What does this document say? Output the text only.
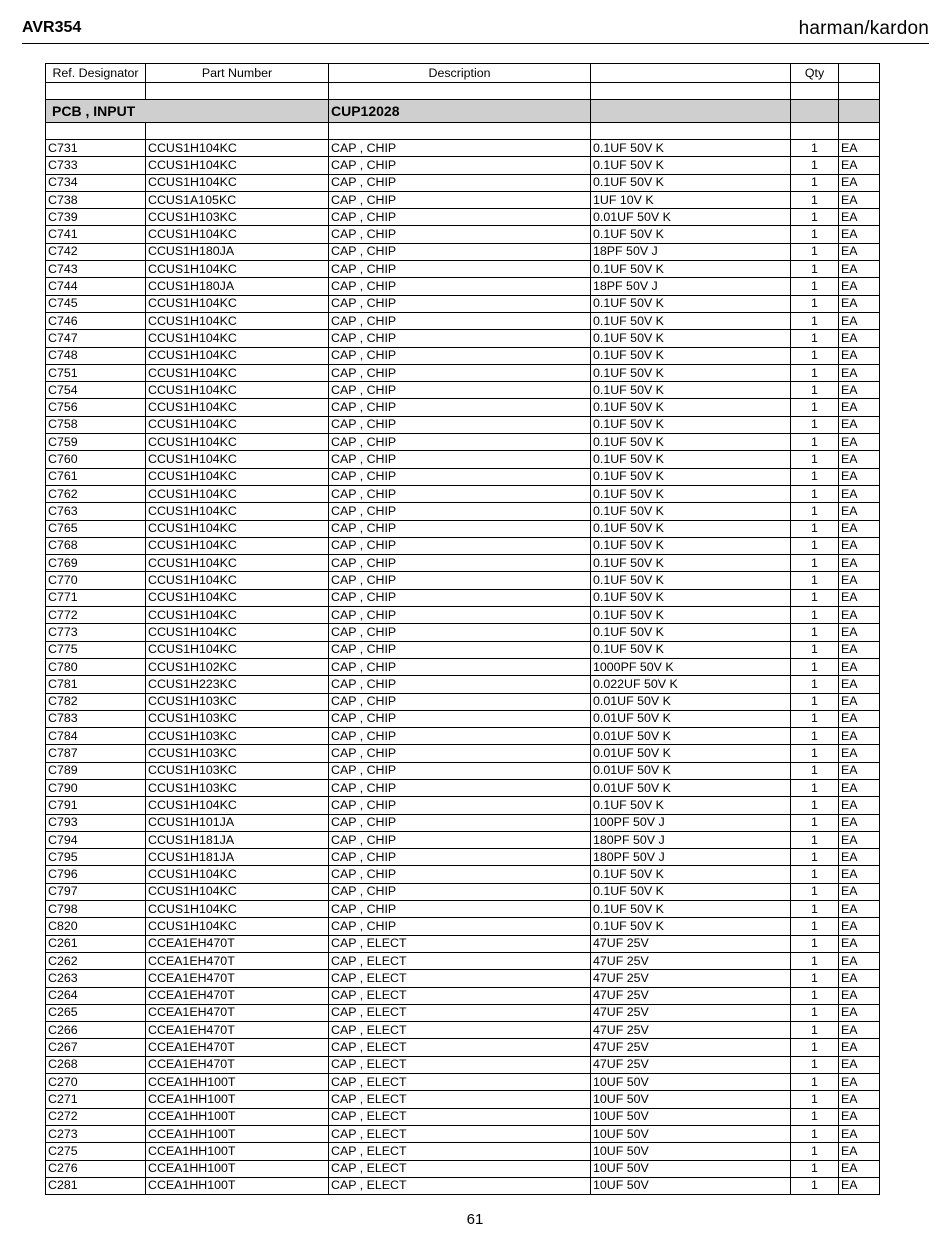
AVR354	harman/kardon
Ref. Designator	Part Number	Description		Qty	

PCB , INPUT		CUP12028			

C731	CCUS1H104KC	CAP , CHIP	0.1UF 50V K	1	EA
C733	CCUS1H104KC	CAP , CHIP	0.1UF 50V K	1	EA
C734	CCUS1H104KC	CAP , CHIP	0.1UF 50V K	1	EA
C738	CCUS1A105KC	CAP , CHIP	1UF 10V K	1	EA
C739	CCUS1H103KC	CAP , CHIP	0.01UF 50V K	1	EA
C741	CCUS1H104KC	CAP , CHIP	0.1UF 50V K	1	EA
C742	CCUS1H180JA	CAP , CHIP	18PF 50V J	1	EA
C743	CCUS1H104KC	CAP , CHIP	0.1UF 50V K	1	EA
C744	CCUS1H180JA	CAP , CHIP	18PF 50V J	1	EA
C745	CCUS1H104KC	CAP , CHIP	0.1UF 50V K	1	EA
C746	CCUS1H104KC	CAP , CHIP	0.1UF 50V K	1	EA
C747	CCUS1H104KC	CAP , CHIP	0.1UF 50V K	1	EA
C748	CCUS1H104KC	CAP , CHIP	0.1UF 50V K	1	EA
C751	CCUS1H104KC	CAP , CHIP	0.1UF 50V K	1	EA
C754	CCUS1H104KC	CAP , CHIP	0.1UF 50V K	1	EA
C756	CCUS1H104KC	CAP , CHIP	0.1UF 50V K	1	EA
C758	CCUS1H104KC	CAP , CHIP	0.1UF 50V K	1	EA
C759	CCUS1H104KC	CAP , CHIP	0.1UF 50V K	1	EA
C760	CCUS1H104KC	CAP , CHIP	0.1UF 50V K	1	EA
C761	CCUS1H104KC	CAP , CHIP	0.1UF 50V K	1	EA
C762	CCUS1H104KC	CAP , CHIP	0.1UF 50V K	1	EA
C763	CCUS1H104KC	CAP , CHIP	0.1UF 50V K	1	EA
C765	CCUS1H104KC	CAP , CHIP	0.1UF 50V K	1	EA
C768	CCUS1H104KC	CAP , CHIP	0.1UF 50V K	1	EA
C769	CCUS1H104KC	CAP , CHIP	0.1UF 50V K	1	EA
C770	CCUS1H104KC	CAP , CHIP	0.1UF 50V K	1	EA
C771	CCUS1H104KC	CAP , CHIP	0.1UF 50V K	1	EA
C772	CCUS1H104KC	CAP , CHIP	0.1UF 50V K	1	EA
C773	CCUS1H104KC	CAP , CHIP	0.1UF 50V K	1	EA
C775	CCUS1H104KC	CAP , CHIP	0.1UF 50V K	1	EA
C780	CCUS1H102KC	CAP , CHIP	1000PF 50V K	1	EA
C781	CCUS1H223KC	CAP , CHIP	0.022UF 50V K	1	EA
C782	CCUS1H103KC	CAP , CHIP	0.01UF 50V K	1	EA
C783	CCUS1H103KC	CAP , CHIP	0.01UF 50V K	1	EA
C784	CCUS1H103KC	CAP , CHIP	0.01UF 50V K	1	EA
C787	CCUS1H103KC	CAP , CHIP	0.01UF 50V K	1	EA
C789	CCUS1H103KC	CAP , CHIP	0.01UF 50V K	1	EA
C790	CCUS1H103KC	CAP , CHIP	0.01UF 50V K	1	EA
C791	CCUS1H104KC	CAP , CHIP	0.1UF 50V K	1	EA
C793	CCUS1H101JA	CAP , CHIP	100PF 50V J	1	EA
C794	CCUS1H181JA	CAP , CHIP	180PF 50V J	1	EA
C795	CCUS1H181JA	CAP , CHIP	180PF 50V J	1	EA
C796	CCUS1H104KC	CAP , CHIP	0.1UF 50V K	1	EA
C797	CCUS1H104KC	CAP , CHIP	0.1UF 50V K	1	EA
C798	CCUS1H104KC	CAP , CHIP	0.1UF 50V K	1	EA
C820	CCUS1H104KC	CAP , CHIP	0.1UF 50V K	1	EA
C261	CCEA1EH470T	CAP , ELECT	47UF 25V	1	EA
C262	CCEA1EH470T	CAP , ELECT	47UF 25V	1	EA
C263	CCEA1EH470T	CAP , ELECT	47UF 25V	1	EA
C264	CCEA1EH470T	CAP , ELECT	47UF 25V	1	EA
C265	CCEA1EH470T	CAP , ELECT	47UF 25V	1	EA
C266	CCEA1EH470T	CAP , ELECT	47UF 25V	1	EA
C267	CCEA1EH470T	CAP , ELECT	47UF 25V	1	EA
C268	CCEA1EH470T	CAP , ELECT	47UF 25V	1	EA
C270	CCEA1HH100T	CAP , ELECT	10UF 50V	1	EA
C271	CCEA1HH100T	CAP , ELECT	10UF 50V	1	EA
C272	CCEA1HH100T	CAP , ELECT	10UF 50V	1	EA
C273	CCEA1HH100T	CAP , ELECT	10UF 50V	1	EA
C275	CCEA1HH100T	CAP , ELECT	10UF 50V	1	EA
C276	CCEA1HH100T	CAP , ELECT	10UF 50V	1	EA
C281	CCEA1HH100T	CAP , ELECT	10UF 50V	1	EA
61
